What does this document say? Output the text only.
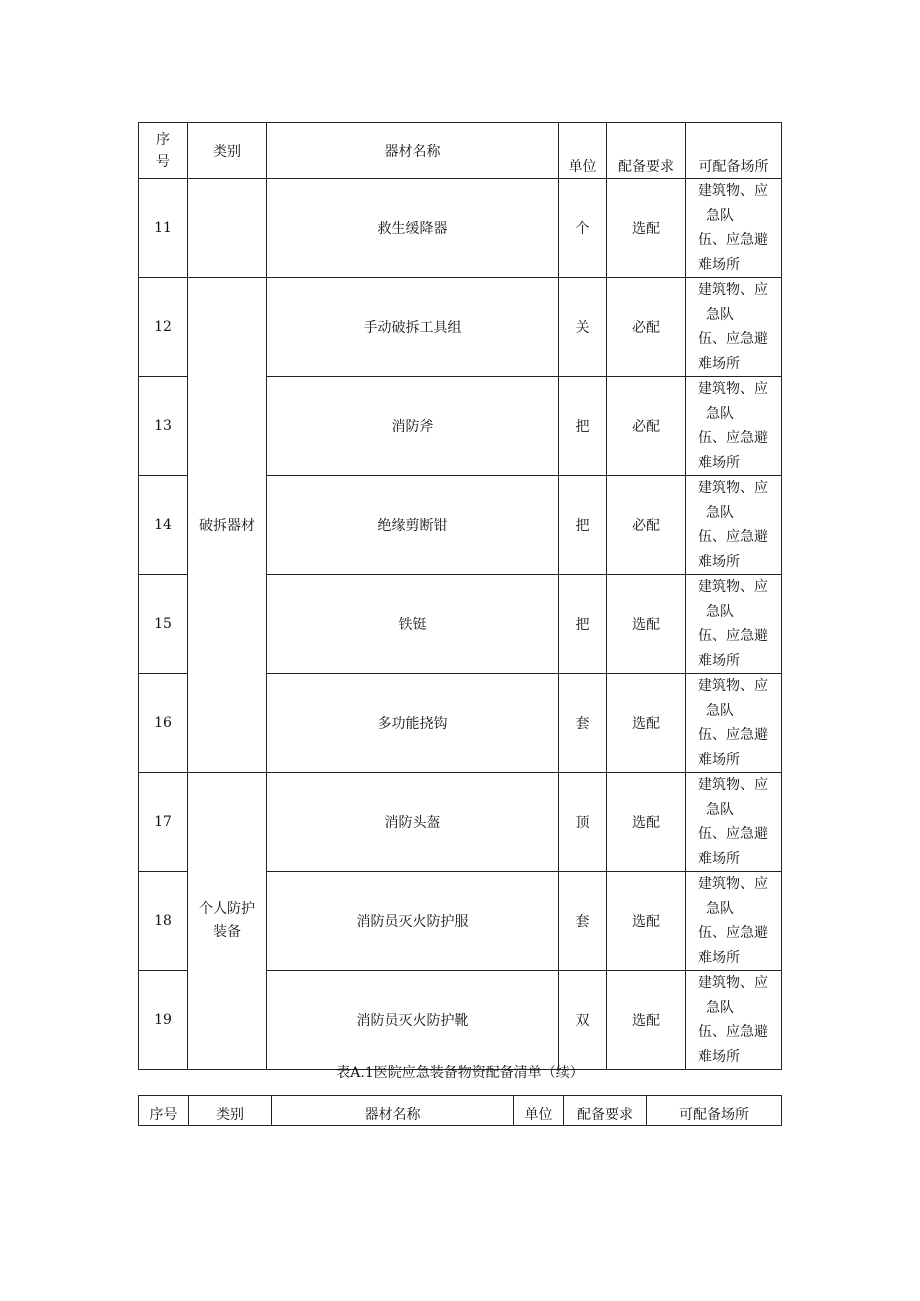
序
号	类别	器材名称	单位	配备要求	可配备场所
11		救生缓降器	个	选配	建筑物、应
急队
伍、应急避
难场所

12	破拆器材	手动破拆工具组	关	必配	建筑物、应
急队
伍、应急避
难场所

13		消防斧	把	必配	建筑物、应
急队
伍、应急避
难场所

14		绝缘剪断钳	把	必配	建筑物、应
急队
伍、应急避
难场所

15		铁铤	把	选配	建筑物、应
急队
伍、应急避
难场所

16		多功能挠钩	套	选配	建筑物、应
急队
伍、应急避
难场所

17	个人防护
装备	消防头盔	顶	选配	建筑物、应
急队
伍、应急避
难场所

18		消防员灭火防护服	套	选配	建筑物、应
急队
伍、应急避
难场所

19		消防员灭火防护靴	双	选配	建筑物、应
急队
伍、应急避
难场所
表A.1医院应急装备物资配备清单（续）
序号	类别	器材名称	单位	配备要求	可配备场所
